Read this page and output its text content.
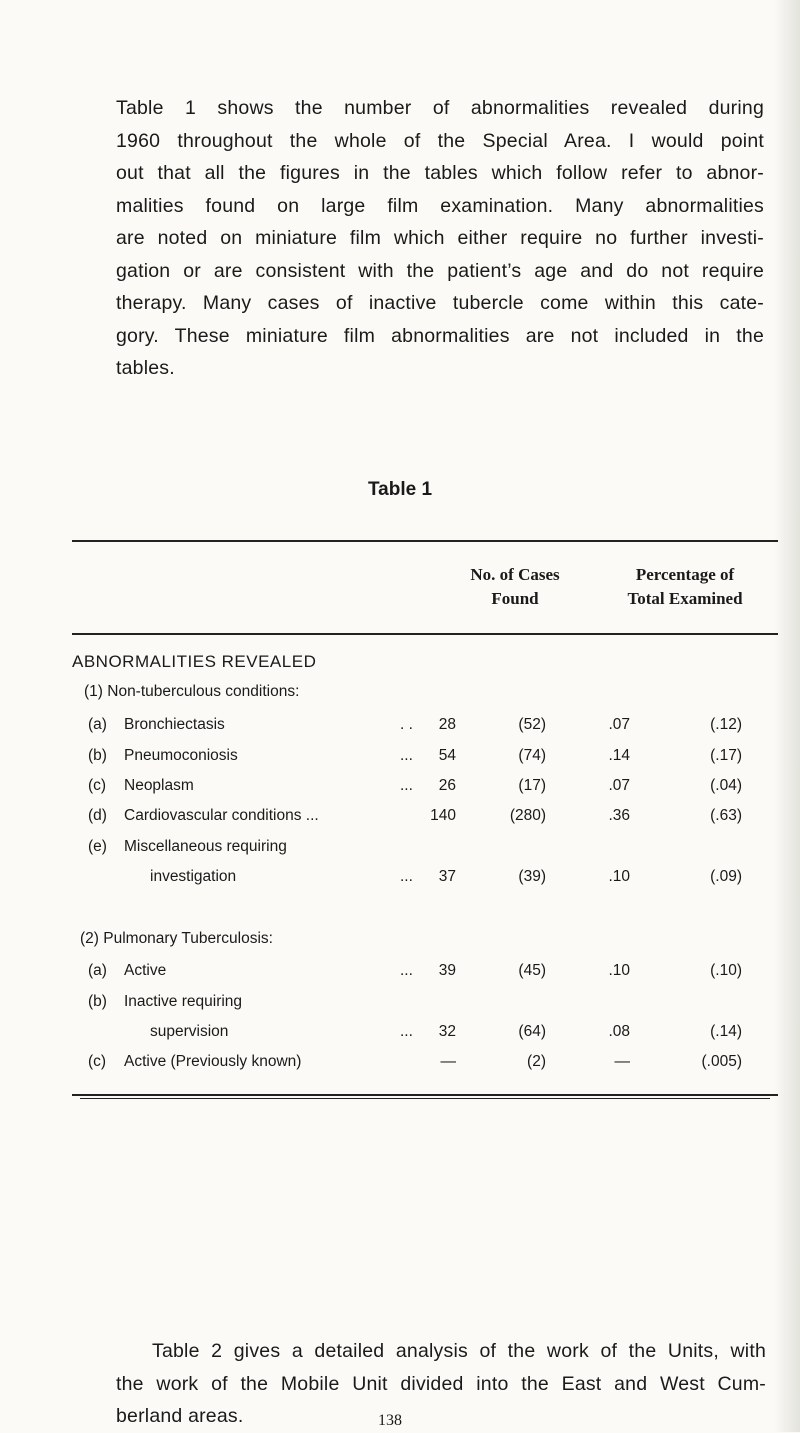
Table 1 shows the number of abnormalities revealed during
1960 throughout the whole of the Special Area. I would point
out that all the figures in the tables which follow refer to abnor-
malities found on large film examination. Many abnormalities
are noted on miniature film which either require no further investi-
gation or are consistent with the patient’s age and do not require
therapy. Many cases of inactive tubercle come within this cate-
gory. These miniature film abnormalities are not included in the
tables.

Table 1
No. of Cases
Found
Percentage of
Total Examined
ABNORMALITIES REVEALED
(1) Non-tuberculous conditions:
(2) Pulmonary Tuberculosis:
(a) Bronchiectasis	. .	28	(52)	.07	(.12)
(b) Pneumoconiosis	...	54	(74)	.14	(.17)
(c) Neoplasm	...	26	(17)	.07	(.04)
(d) Cardiovascular conditions ...	140	(280)	.36	(.63)
(e) Miscellaneous requiring
investigation	...	37	(39)	.10	(.09)
(a) Active	...	39	(45)	.10	(.10)
(b) Inactive requiring
supervision	...	32	(64)	.08	(.14)
(c) Active (Previously known)	—	(2)	—	(.005)

Table 2 gives a detailed analysis of the work of the Units, with
the work of the Mobile Unit divided into the East and West Cum-
berland areas.	138
